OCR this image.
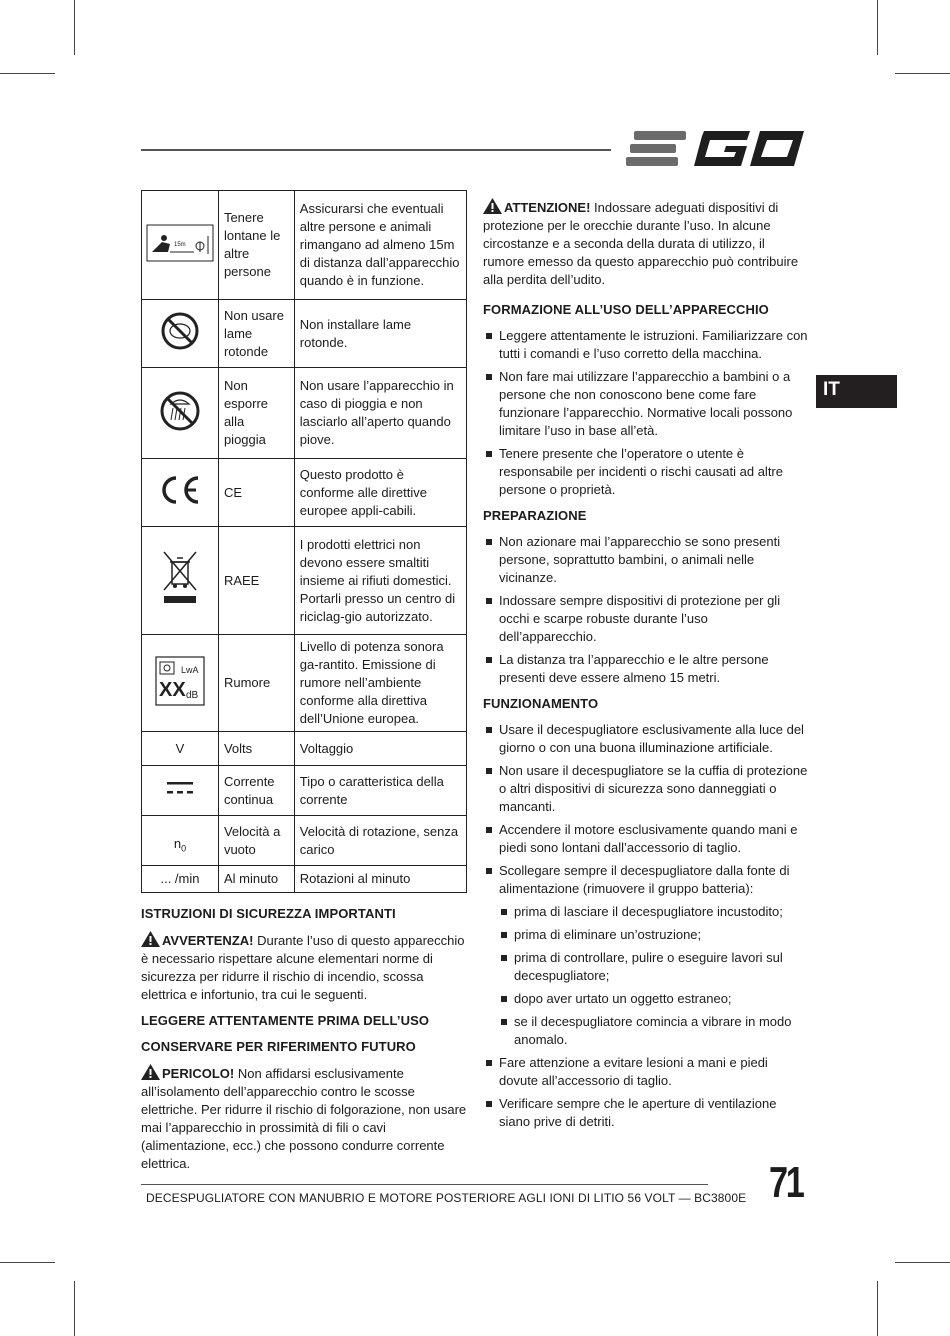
15m	Tenere lontane le altre persone	Assicurarsi che eventuali altre persone e animali rimangano ad almeno 15m di distanza dall’apparecchio quando è in funzione.
	Non usare lame rotonde	Non installare lame rotonde.
	Non esporre alla pioggia	Non usare l’apparecchio in caso di pioggia e non lasciarlo all’aperto quando piove.
	CE	Questo prodotto è conforme alle direttive europee appli-cabili.
	RAEE	I prodotti elettrici non devono essere smaltiti insieme ai rifiuti domestici. Portarli presso un centro di riciclag-gio autorizzato.

LwA
XX dB	Rumore	Livello di potenza sonora ga-rantito. Emissione di rumore nell’ambiente conforme alla direttiva dell’Unione europea.
V	Volts	Voltaggio
	Corrente continua	Tipo o caratteristica della corrente
$n_0$	Velocità a vuoto	Velocità di rotazione, senza carico
... /min	Al minuto	Rotazioni al minuto
ISTRUZIONI DI SICUREZZA IMPORTANTI
AVVERTENZA! Durante l’uso di questo apparecchio è necessario rispettare alcune elementari norme di sicurezza per ridurre il rischio di incendio, scossa elettrica e infortunio, tra cui le seguenti.
LEGGERE ATTENTAMENTE PRIMA DELL’USO
CONSERVARE PER RIFERIMENTO FUTURO
PERICOLO! Non affidarsi esclusivamente all’isolamento dell’apparecchio contro le scosse elettriche. Per ridurre il rischio di folgorazione, non usare mai l’apparecchio in prossimità di fili o cavi (alimentazione, ecc.) che possono condurre corrente elettrica.
ATTENZIONE! Indossare adeguati dispositivi di protezione per le orecchie durante l’uso. In alcune circostanze e a seconda della durata di utilizzo, il rumore emesso da questo apparecchio può contribuire alla perdita dell’udito.
FORMAZIONE ALL’USO DELL’APPARECCHIO
Leggere attentamente le istruzioni. Familiarizzare con tutti i comandi e l’uso corretto della macchina.
Non fare mai utilizzare l’apparecchio a bambini o a persone che non conoscono bene come fare funzionare l’apparecchio. Normative locali possono limitare l’uso in base all’età.
Tenere presente che l’operatore o utente è responsabile per incidenti o rischi causati ad altre persone o proprietà.
PREPARAZIONE
Non azionare mai l’apparecchio se sono presenti persone, soprattutto bambini, o animali nelle vicinanze.
Indossare sempre dispositivi di protezione per gli occhi e scarpe robuste durante l’uso dell’apparecchio.
La distanza tra l’apparecchio e le altre persone presenti deve essere almeno 15 metri.
FUNZIONAMENTO
Usare il decespugliatore esclusivamente alla luce del giorno o con una buona illuminazione artificiale.
Non usare il decespugliatore se la cuffia di protezione o altri dispositivi di sicurezza sono danneggiati o mancanti.
Accendere il motore esclusivamente quando mani e piedi sono lontani dall’accessorio di taglio.
Scollegare sempre il decespugliatore dalla fonte di alimentazione (rimuovere il gruppo batteria):
prima di lasciare il decespugliatore incustodito;
prima di eliminare un’ostruzione;
prima di controllare, pulire o eseguire lavori sul decespugliatore;
dopo aver urtato un oggetto estraneo;
se il decespugliatore comincia a vibrare in modo anomalo.
Fare attenzione a evitare lesioni a mani e piedi dovute all’accessorio di taglio.
Verificare sempre che le aperture di ventilazione siano prive di detriti.
IT
DECESPUGLIATORE CON MANUBRIO E MOTORE POSTERIORE AGLI IONI DI LITIO 56 VOLT — BC3800E 71
